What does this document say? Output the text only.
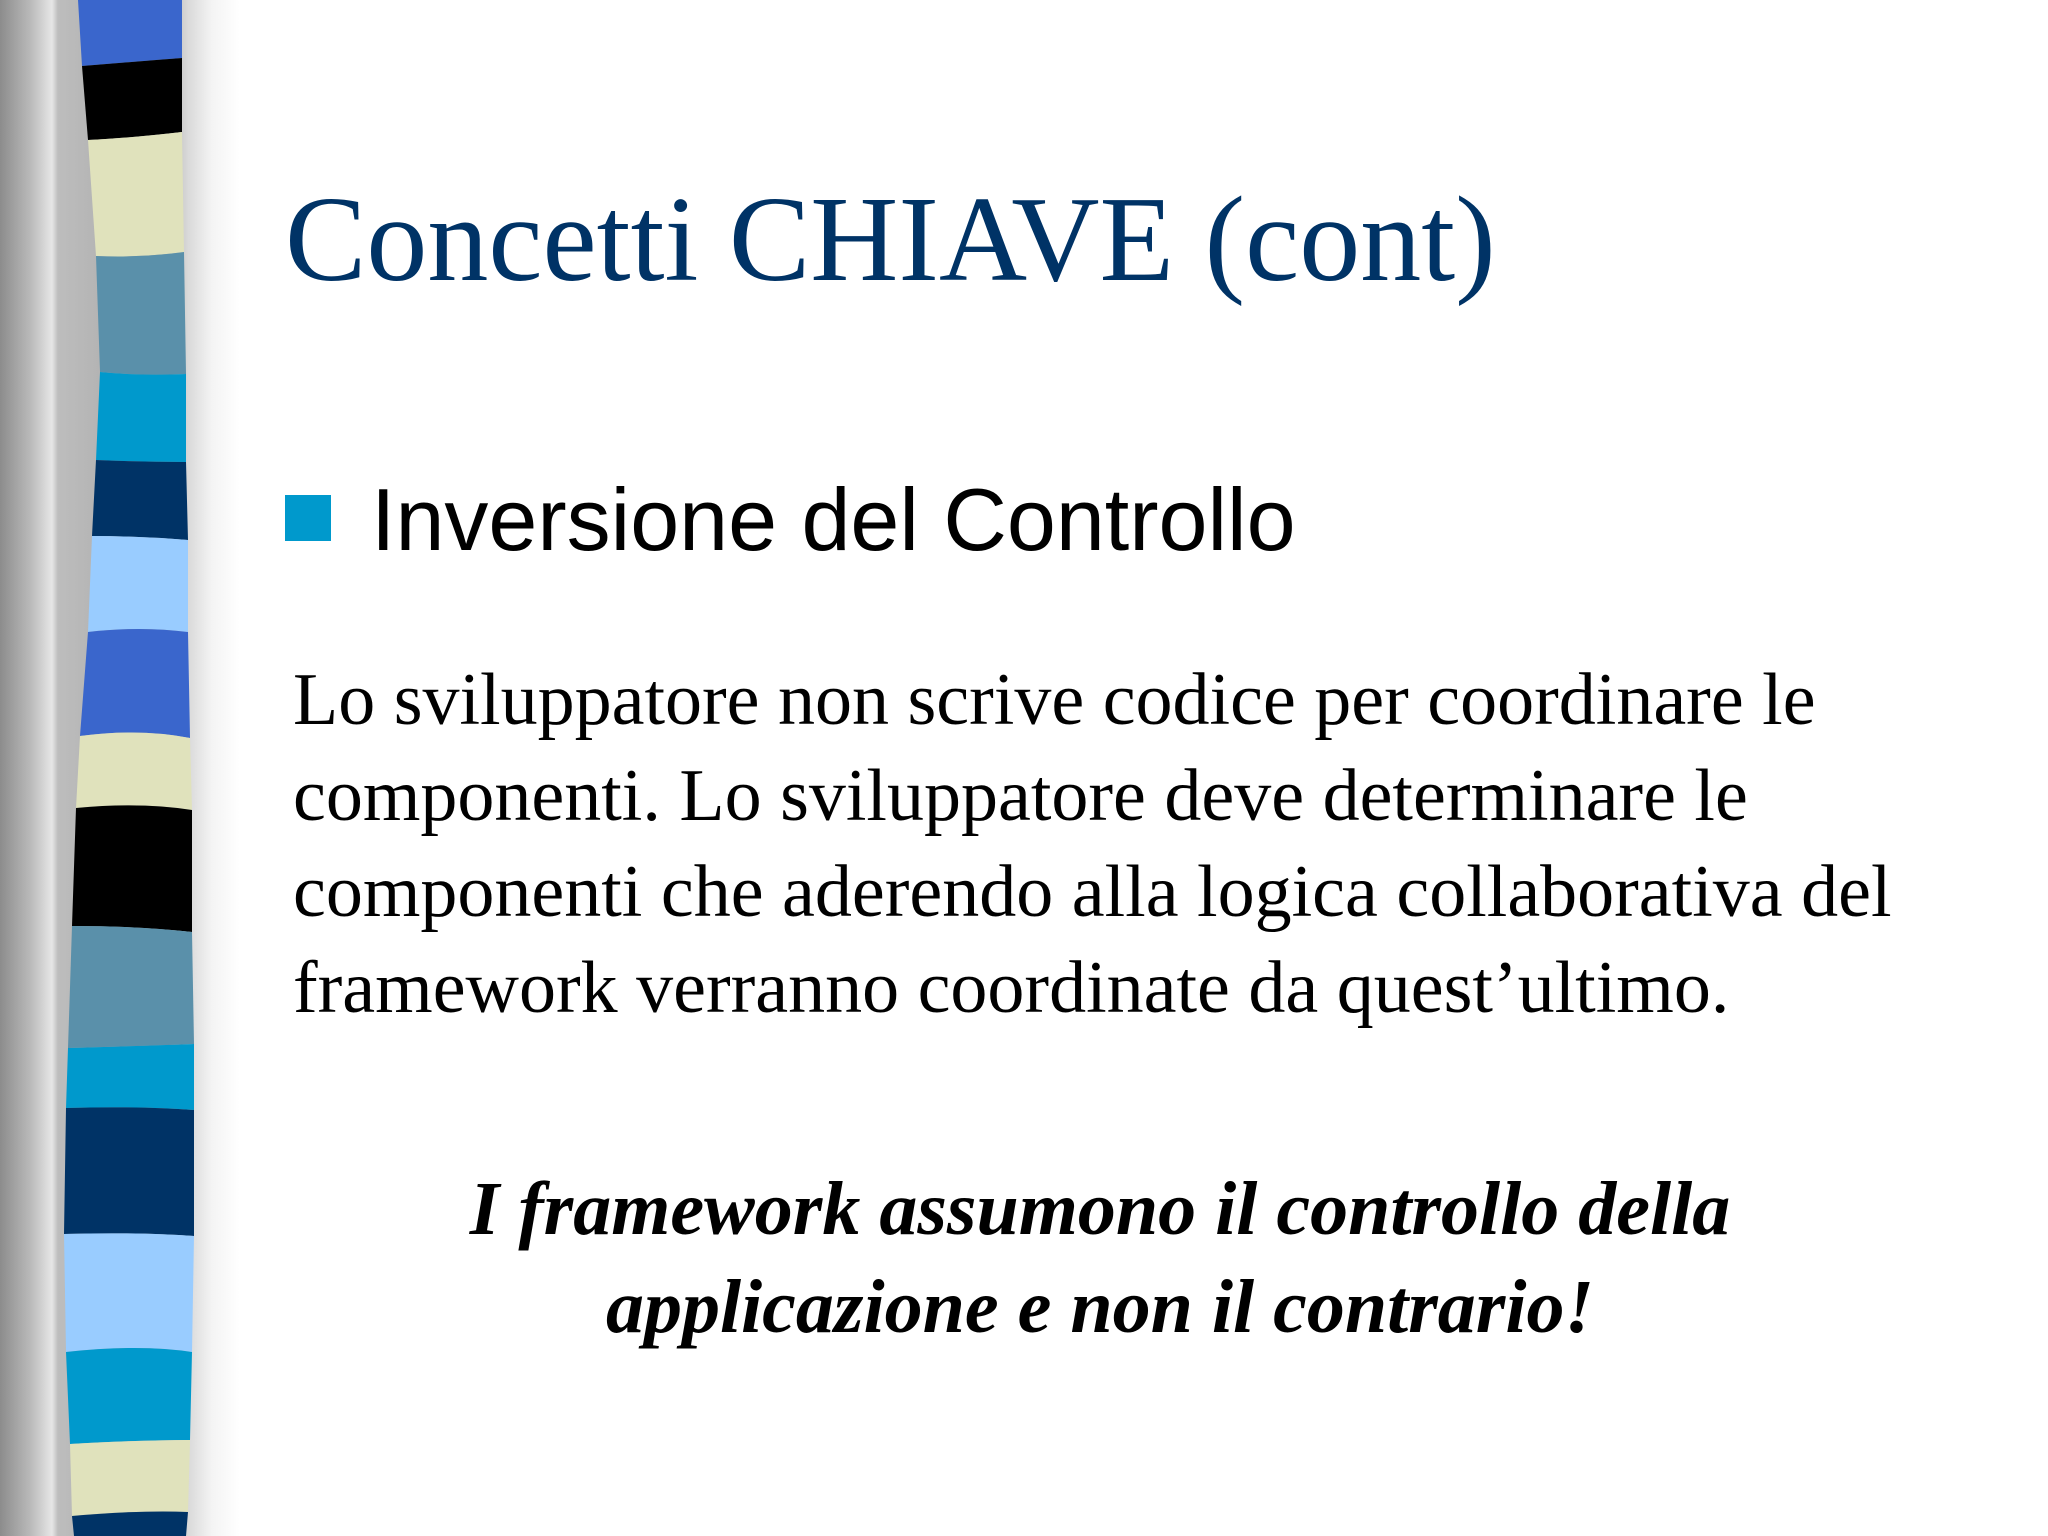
Concetti CHIAVE (cont)
Inversione del Controllo

Lo sviluppatore non scrive codice per coordinare le componenti. Lo sviluppatore deve determinare le componenti che aderendo alla logica collaborativa del framework verranno coordinate da quest’ultimo.

I framework assumono il controllo della
applicazione e non il contrario!
